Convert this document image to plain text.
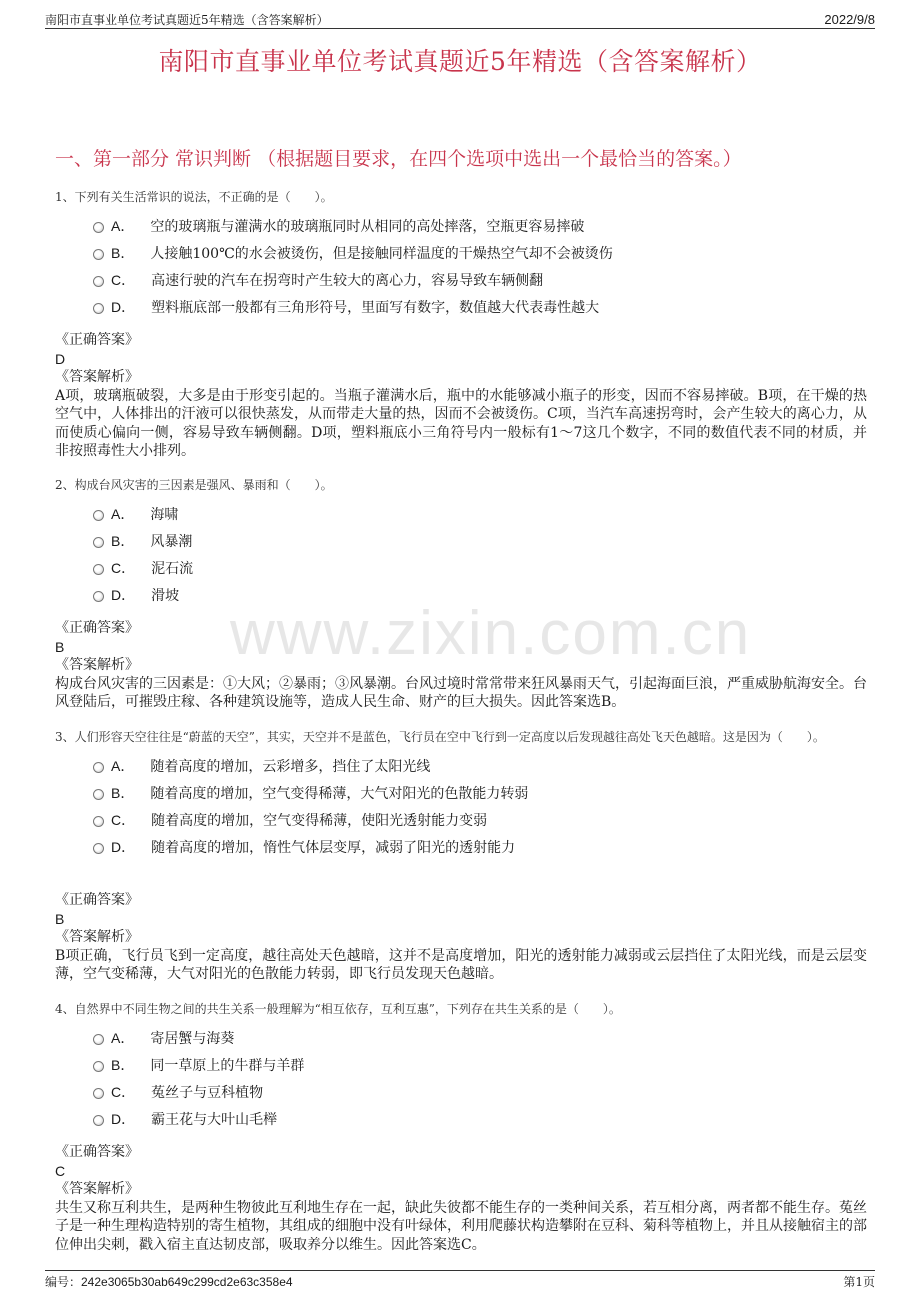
南阳市直事业单位考试真题近5年精选（含答案解析）	2022/9/8
南阳市直事业单位考试真题近5年精选（含答案解析）
一、第一部分 常识判断 （根据题目要求，在四个选项中选出一个最恰当的答案。）
www.zixin.com.cn
1、下列有关生活常识的说法，不正确的是（　　）。
A． 空的玻璃瓶与灌满水的玻璃瓶同时从相同的高处摔落，空瓶更容易摔破
B． 人接触100℃的水会被烫伤，但是接触同样温度的干燥热空气却不会被烫伤
C． 高速行驶的汽车在拐弯时产生较大的离心力，容易导致车辆侧翻
D． 塑料瓶底部一般都有三角形符号，里面写有数字，数值越大代表毒性越大
《正确答案》
D
《答案解析》
A项，玻璃瓶破裂，大多是由于形变引起的。当瓶子灌满水后，瓶中的水能够减小瓶子的形变，因而不容易摔破。B项，在干燥的热空气中，人体排出的汗液可以很快蒸发，从而带走大量的热，因而不会被烫伤。C项，当汽车高速拐弯时，会产生较大的离心力，从而使质心偏向一侧，容易导致车辆侧翻。D项，塑料瓶底小三角符号内一般标有1～7这几个数字，不同的数值代表不同的材质，并非按照毒性大小排列。
2、构成台风灾害的三因素是强风、暴雨和（　　）。
A． 海啸
B． 风暴潮
C． 泥石流
D． 滑坡
《正确答案》
B
《答案解析》
构成台风灾害的三因素是：①大风；②暴雨；③风暴潮。台风过境时常常带来狂风暴雨天气，引起海面巨浪，严重威胁航海安全。台风登陆后，可摧毁庄稼、各种建筑设施等，造成人民生命、财产的巨大损失。因此答案选B。
3、人们形容天空往往是“蔚蓝的天空”，其实，天空并不是蓝色，飞行员在空中飞行到一定高度以后发现越往高处飞天色越暗。这是因为（　　）。
A． 随着高度的增加，云彩增多，挡住了太阳光线
B． 随着高度的增加，空气变得稀薄，大气对阳光的色散能力转弱
C． 随着高度的增加，空气变得稀薄，使阳光透射能力变弱
D． 随着高度的增加，惰性气体层变厚，减弱了阳光的透射能力
《正确答案》
B
《答案解析》
B项正确，飞行员飞到一定高度，越往高处天色越暗，这并不是高度增加，阳光的透射能力减弱或云层挡住了太阳光线，而是云层变薄，空气变稀薄，大气对阳光的色散能力转弱，即飞行员发现天色越暗。
4、自然界中不同生物之间的共生关系一般理解为“相互依存，互利互惠”，下列存在共生关系的是（　　）。
A． 寄居蟹与海葵
B． 同一草原上的牛群与羊群
C． 菟丝子与豆科植物
D． 霸王花与大叶山毛榉
《正确答案》
C
《答案解析》
共生又称互利共生，是两种生物彼此互利地生存在一起，缺此失彼都不能生存的一类种间关系，若互相分离，两者都不能生存。菟丝子是一种生理构造特别的寄生植物，其组成的细胞中没有叶绿体，利用爬藤状构造攀附在豆科、菊科等植物上，并且从接触宿主的部位伸出尖刺，戳入宿主直达韧皮部，吸取养分以维生。因此答案选C。
编号：242e3065b30ab649c299cd2e63c358e4	第1页
